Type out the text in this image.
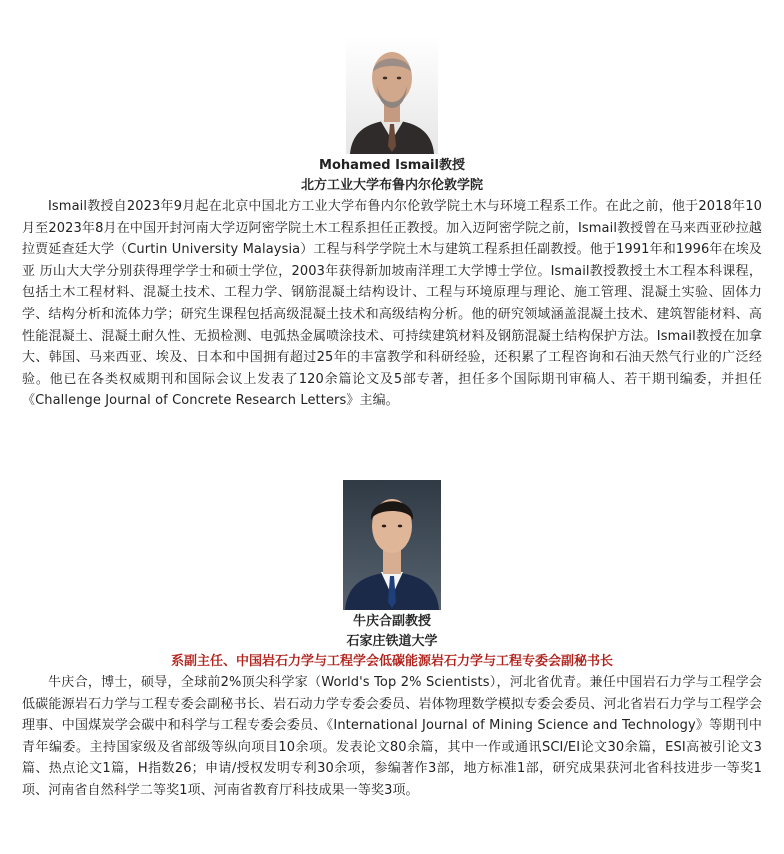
Mohamed Ismail教授
北方工业大学布鲁内尔伦敦学院

Ismail教授自2023年9月起在北京中国北方工业大学布鲁内尔伦敦学院土木与环境工程系工作。在此之前，他于2018年10月至2023年8月在中国开封河南大学迈阿密学院土木工程系担任正教授。加入迈阿密学院之前，Ismail教授曾在马来西亚砂拉越拉贾延查廷大学（Curtin University Malaysia）工程与科学学院土木与建筑工程系担任副教授。他于1991年和1996年在埃及亚 历山大大学分别获得理学学士和硕士学位，2003年获得新加坡南洋理工大学博士学位。Ismail教授教授土木工程本科课程，包括土木工程材料、混凝土技术、工程力学、钢筋混凝土结构设计、工程与环境原理与理论、施工管理、混凝土实验、固体力学、结构分析和流体力学；研究生课程包括高级混凝土技术和高级结构分析。他的研究领域涵盖混凝土技术、建筑智能材料、高性能混凝土、混凝土耐久性、无损检测、电弧热金属喷涂技术、可持续建筑材料及钢筋混凝土结构保护方法。Ismail教授在加拿大、韩国、马来西亚、埃及、日本和中国拥有超过25年的丰富教学和科研经验，还积累了工程咨询和石油天然气行业的广泛经验。他已在各类权威期刊和国际会议上发表了120余篇论文及5部专著，担任多个国际期刊审稿人、若干期刊编委，并担任《Challenge Journal of Concrete Research Letters》主编。

牛庆合副教授
石家庄铁道大学
系副主任、中国岩石力学与工程学会低碳能源岩石力学与工程专委会副秘书长

牛庆合，博士，硕导，全球前2%顶尖科学家（World's Top 2% Scientists），河北省优青。兼任中国岩石力学与工程学会低碳能源岩石力学与工程专委会副秘书长、岩石动力学专委会委员、岩体物理数学模拟专委会委员、河北省岩石力学与工程学会理事、中国煤炭学会碳中和科学与工程专委会委员、《International Journal of Mining Science and Technology》等期刊中青年编委。主持国家级及省部级等纵向项目10余项。发表论文80余篇，其中一作或通讯SCI/EI论文30余篇，ESI高被引论文3篇、热点论文1篇，H指数26；申请/授权发明专利30余项，参编著作3部，地方标准1部，研究成果获河北省科技进步一等奖1项、河南省自然科学二等奖1项、河南省教育厅科技成果一等奖3项。
